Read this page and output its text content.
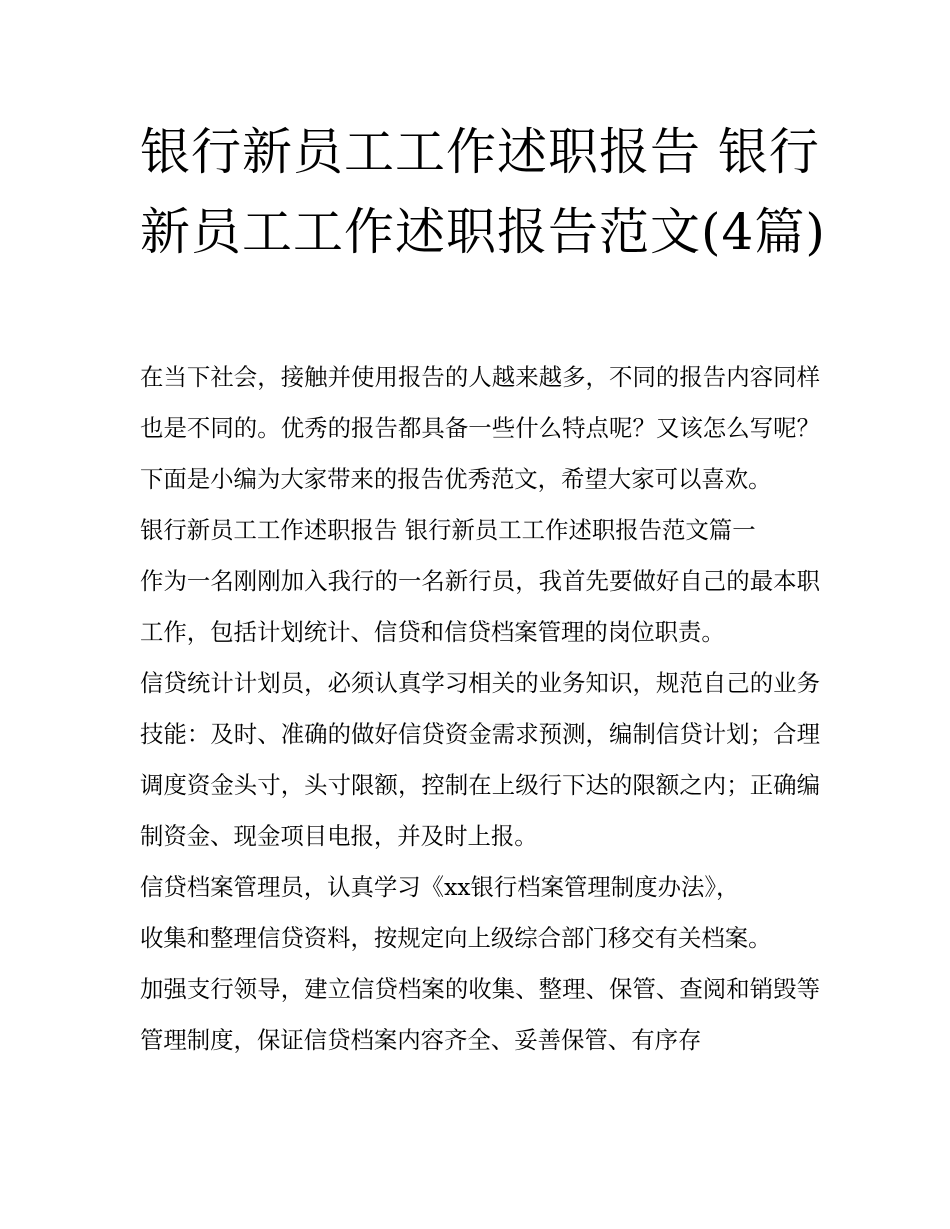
银行新员工工作述职报告 银行新员工工作述职报告范文(4篇)

在当下社会，接触并使用报告的人越来越多，不同的报告内容同样也是不同的。优秀的报告都具备一些什么特点呢？又该怎么写呢？下面是小编为大家带来的报告优秀范文，希望大家可以喜欢。

银行新员工工作述职报告 银行新员工工作述职报告范文篇一

作为一名刚刚加入我行的一名新行员，我首先要做好自己的最本职工作，包括计划统计、信贷和信贷档案管理的岗位职责。

信贷统计计划员，必须认真学习相关的业务知识，规范自己的业务技能：及时、准确的做好信贷资金需求预测，编制信贷计划；合理调度资金头寸，头寸限额，控制在上级行下达的限额之内；正确编制资金、现金项目电报，并及时上报。

信贷档案管理员，认真学习《xx银行档案管理制度办法》，

收集和整理信贷资料，按规定向上级综合部门移交有关档案。

加强支行领导，建立信贷档案的收集、整理、保管、查阅和销毁等管理制度，保证信贷档案内容齐全、妥善保管、有序存
